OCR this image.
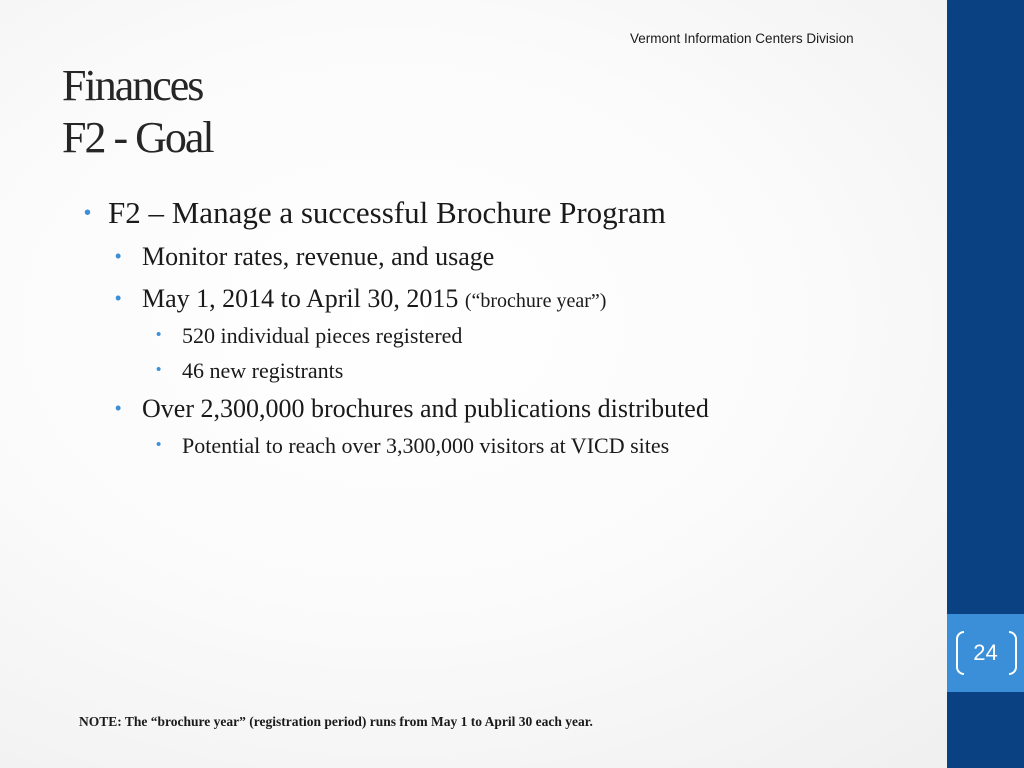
24
Vermont Information Centers Division
Finances
F2 - Goal
• F2 – Manage a successful Brochure Program
• Monitor rates, revenue, and usage
• May 1, 2014 to April 30, 2015 (“brochure year”)
• 520 individual pieces registered
• 46 new registrants
• Over 2,300,000 brochures and publications distributed
• Potential to reach over 3,300,000 visitors at VICD sites
NOTE: The “brochure year” (registration period) runs from May 1 to April 30 each year.
